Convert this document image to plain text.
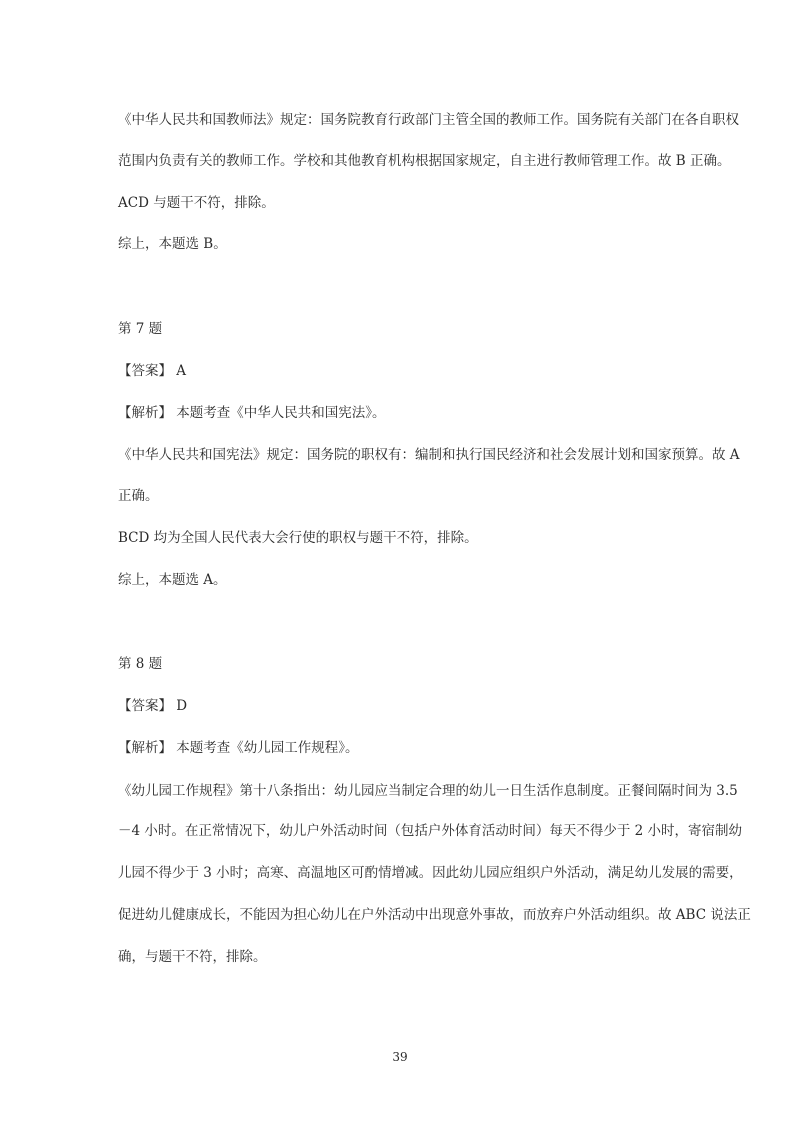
《中华人民共和国教师法》规定：国务院教育行政部门主管全国的教师工作。国务院有关部门在各自职权
范围内负责有关的教师工作。学校和其他教育机构根据国家规定，自主进行教师管理工作。故 B 正确。
ACD 与题干不符，排除。
综上，本题选 B。
第 7 题
【答案】 A
【解析】 本题考查《中华人民共和国宪法》。
《中华人民共和国宪法》规定：国务院的职权有：编制和执行国民经济和社会发展计划和国家预算。故 A
正确。
BCD 均为全国人民代表大会行使的职权与题干不符，排除。
综上，本题选 A。
第 8 题
【答案】 D
【解析】 本题考查《幼儿园工作规程》。
《幼儿园工作规程》第十八条指出：幼儿园应当制定合理的幼儿一日生活作息制度。正餐间隔时间为 3.5
－4 小时。在正常情况下，幼儿户外活动时间（包括户外体育活动时间）每天不得少于 2 小时，寄宿制幼
儿园不得少于 3 小时；高寒、高温地区可酌情增减。因此幼儿园应组织户外活动，满足幼儿发展的需要，
促进幼儿健康成长，不能因为担心幼儿在户外活动中出现意外事故，而放弃户外活动组织。故 ABC 说法正
确，与题干不符，排除。
39
